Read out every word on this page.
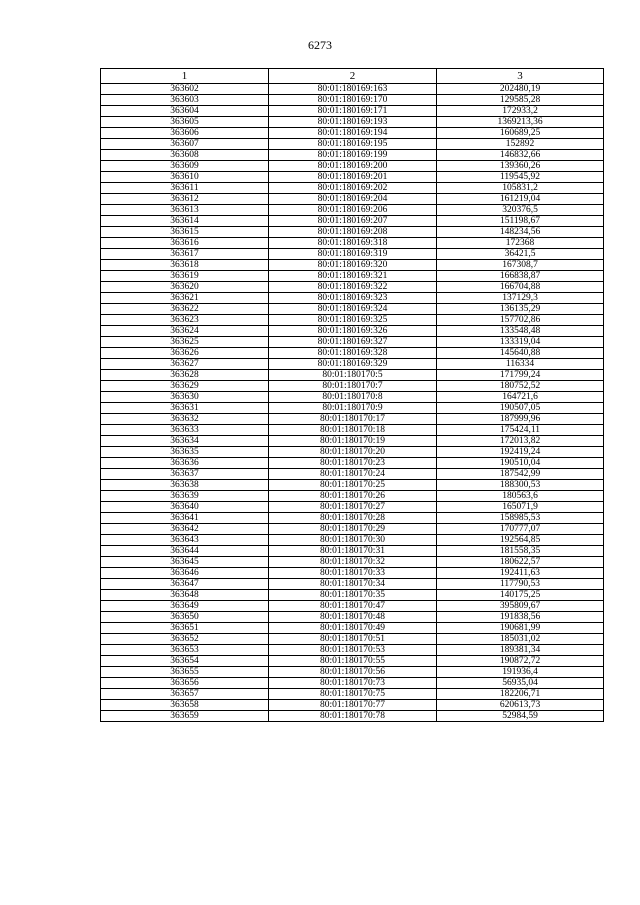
6273
1	2	3
363602	80:01:180169:163	202480,19
363603	80:01:180169:170	129585,28
363604	80:01:180169:171	172933,2
363605	80:01:180169:193	1369213,36
363606	80:01:180169:194	160689,25
363607	80:01:180169:195	152892
363608	80:01:180169:199	146832,66
363609	80:01:180169:200	139360,26
363610	80:01:180169:201	119545,92
363611	80:01:180169:202	105831,2
363612	80:01:180169:204	161219,04
363613	80:01:180169:206	320376,5
363614	80:01:180169:207	151198,67
363615	80:01:180169:208	148234,56
363616	80:01:180169:318	172368
363617	80:01:180169:319	36421,5
363618	80:01:180169:320	167308,7
363619	80:01:180169:321	166838,87
363620	80:01:180169:322	166704,88
363621	80:01:180169:323	137129,3
363622	80:01:180169:324	136135,29
363623	80:01:180169:325	157702,86
363624	80:01:180169:326	133548,48
363625	80:01:180169:327	133319,04
363626	80:01:180169:328	145640,88
363627	80:01:180169:329	116334
363628	80:01:180170:5	171799,24
363629	80:01:180170:7	180752,52
363630	80:01:180170:8	164721,6
363631	80:01:180170:9	190507,05
363632	80:01:180170:17	187999,96
363633	80:01:180170:18	175424,11
363634	80:01:180170:19	172013,82
363635	80:01:180170:20	192419,24
363636	80:01:180170:23	190510,04
363637	80:01:180170:24	187542,99
363638	80:01:180170:25	188300,53
363639	80:01:180170:26	180563,6
363640	80:01:180170:27	165071,9
363641	80:01:180170:28	158985,53
363642	80:01:180170:29	170777,07
363643	80:01:180170:30	192564,85
363644	80:01:180170:31	181558,35
363645	80:01:180170:32	180622,57
363646	80:01:180170:33	192411,63
363647	80:01:180170:34	117790,53
363648	80:01:180170:35	140175,25
363649	80:01:180170:47	395809,67
363650	80:01:180170:48	191838,56
363651	80:01:180170:49	190681,99
363652	80:01:180170:51	185031,02
363653	80:01:180170:53	189381,34
363654	80:01:180170:55	190872,72
363655	80:01:180170:56	191936,4
363656	80:01:180170:73	56935,04
363657	80:01:180170:75	182206,71
363658	80:01:180170:77	620613,73
363659	80:01:180170:78	52984,59
